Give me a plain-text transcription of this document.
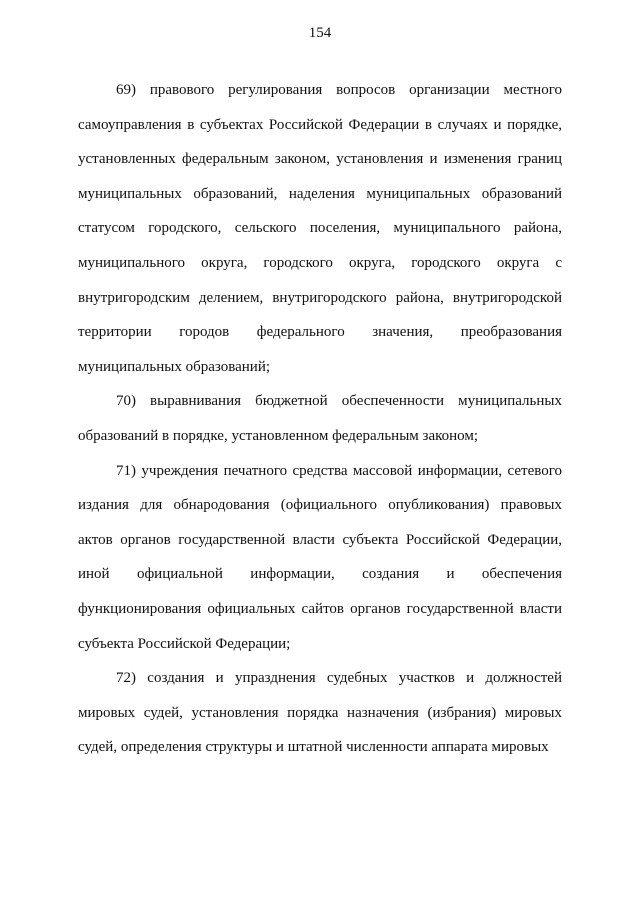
154

69) правового регулирования вопросов организации местного самоуправления в субъектах Российской Федерации в случаях и порядке, установленных федеральным законом, установления и изменения границ муниципальных образований, наделения муниципальных образований статусом городского, сельского поселения, муниципального района, муниципального округа, городского округа, городского округа с внутригородским делением, внутригородского района, внутригородской территории городов федерального значения, преобразования муниципальных образований;

70) выравнивания бюджетной обеспеченности муниципальных образований в порядке, установленном федеральным законом;

71) учреждения печатного средства массовой информации, сетевого издания для обнародования (официального опубликования) правовых актов органов государственной власти субъекта Российской Федерации, иной официальной информации, создания и обеспечения функционирования официальных сайтов органов государственной власти субъекта Российской Федерации;

72) создания и упразднения судебных участков и должностей мировых судей, установления порядка назначения (избрания) мировых судей, определения структуры и штатной численности аппарата мировых
